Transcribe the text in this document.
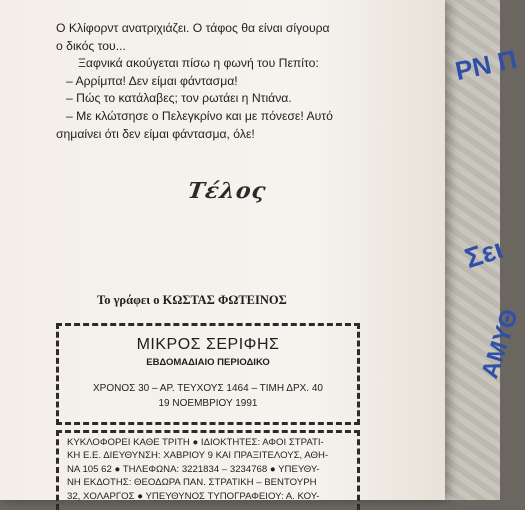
ΡΝ Π
Σει
ΑΜΥΘ

Ο Κλίφορντ ανατριχιάζει. Ο τάφος θα είναι σίγουρα

ο δικός του...

Ξαφνικά ακούγεται πίσω η φωνή του Πεπίτο:

– Αρρίμπα! Δεν είμαι φάντασμα!

– Πώς το κατάλαβες; τον ρωτάει η Ντιάνα.

– Με κλώτσησε ο Πελεγκρίνο και με πόνεσε! Αυτό

σημαίνει ότι δεν είμαι φάντασμα, όλε!

Τέλος
Το γράφει ο ΚΩΣΤΑΣ ΦΩΤΕΙΝΟΣ
ΜΙΚΡΟΣ ΣΕΡΙΦΗΣ
ΕΒΔΟΜΑΔΙΑΙΟ ΠΕΡΙΟΔΙΚΟ
ΧΡΟΝΟΣ 30 – ΑΡ. ΤΕΥΧΟΥΣ 1464 – ΤΙΜΗ ΔΡΧ. 40
19 ΝΟΕΜΒΡΙΟΥ 1991
ΚΥΚΛΟΦΟΡΕΙ ΚΑΘΕ ΤΡΙΤΗ ● ΙΔΙΟΚΤΗΤΕΣ: ΑΦΟΙ ΣΤΡΑΤΙ-
ΚΗ Ε.Ε. ΔΙΕΥΘΥΝΣΗ: ΧΑΒΡΙΟΥ 9 ΚΑΙ ΠΡΑΞΙΤΕΛΟΥΣ, ΑΘΗ-
ΝΑ 105 62 ● ΤΗΛΕΦΩΝΑ: 3221834 – 3234768 ● ΥΠΕΥΘΥ-
ΝΗ ΕΚΔΟΤΗΣ: ΘΕΟΔΩΡΑ ΠΑΝ. ΣΤΡΑΤΙΚΗ – ΒΕΝΤΟΥΡΗ
32, ΧΟΛΑΡΓΟΣ ● ΥΠΕΥΘΥΝΟΣ ΤΥΠΟΓΡΑΦΕΙΟΥ: Α. ΚΟΥ-
